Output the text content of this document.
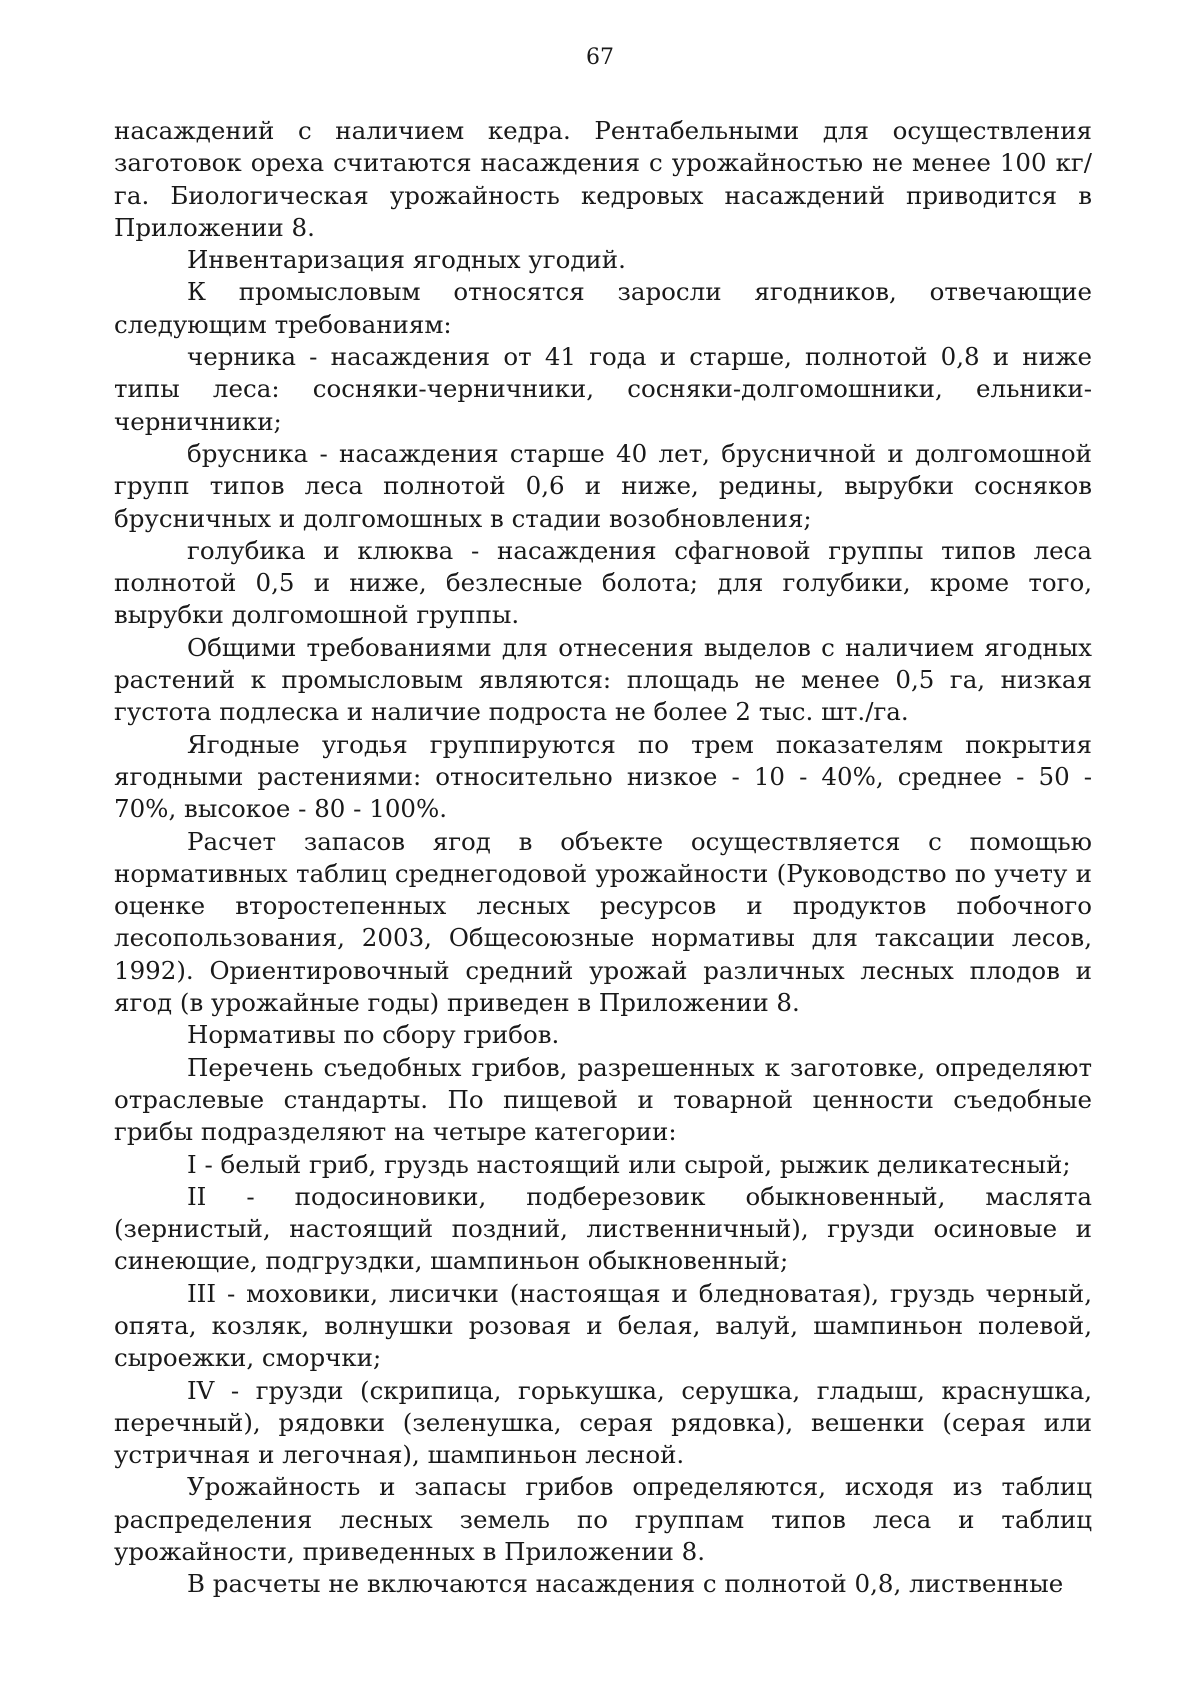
67

насаждений с наличием кедра. Рентабельными для осуществления заготовок ореха считаются насаждения с урожайностью не менее 100 кг/га. Биологическая урожайность кедровых насаждений приводится в Приложении 8.

Инвентаризация ягодных угодий.

К промысловым относятся заросли ягодников, отвечающие следующим требованиям:

черника - насаждения от 41 года и старше, полнотой 0,8 и ниже типы леса: сосняки-черничники, сосняки-долгомошники, ельники-черничники;

брусника - насаждения старше 40 лет, брусничной и долгомошной групп типов леса полнотой 0,6 и ниже, редины, вырубки сосняков брусничных и долгомошных в стадии возобновления;

голубика и клюква - насаждения сфагновой группы типов леса полнотой 0,5 и ниже, безлесные болота; для голубики, кроме того, вырубки долгомошной группы.

Общими требованиями для отнесения выделов с наличием ягодных растений к промысловым являются: площадь не менее 0,5 га, низкая густота подлеска и наличие подроста не более 2 тыс. шт./га.

Ягодные угодья группируются по трем показателям покрытия ягодными растениями: относительно низкое - 10 - 40%, среднее - 50 - 70%, высокое - 80 - 100%.

Расчет запасов ягод в объекте осуществляется с помощью нормативных таблиц среднегодовой урожайности (Руководство по учету и оценке второстепенных лесных ресурсов и продуктов побочного лесопользования, 2003, Общесоюзные нормативы для таксации лесов, 1992). Ориентировочный средний урожай различных лесных плодов и ягод (в урожайные годы) приведен в Приложении 8.

Нормативы по сбору грибов.

Перечень съедобных грибов, разрешенных к заготовке, определяют отраслевые стандарты. По пищевой и товарной ценности съедобные грибы подразделяют на четыре категории:

I - белый гриб, груздь настоящий или сырой, рыжик деликатесный;

II - подосиновики, подберезовик обыкновенный, маслята (зернистый, настоящий поздний, лиственничный), грузди осиновые и синеющие, подгруздки, шампиньон обыкновенный;

III - моховики, лисички (настоящая и бледноватая), груздь черный, опята, козляк, волнушки розовая и белая, валуй, шампиньон полевой, сыроежки, сморчки;

IV - грузди (скрипица, горькушка, серушка, гладыш, краснушка, перечный), рядовки (зеленушка, серая рядовка), вешенки (серая или устричная и легочная), шампиньон лесной.

Урожайность и запасы грибов определяются, исходя из таблиц распределения лесных земель по группам типов леса и таблиц урожайности, приведенных в Приложении 8.

В расчеты не включаются насаждения с полнотой 0,8, лиственные
